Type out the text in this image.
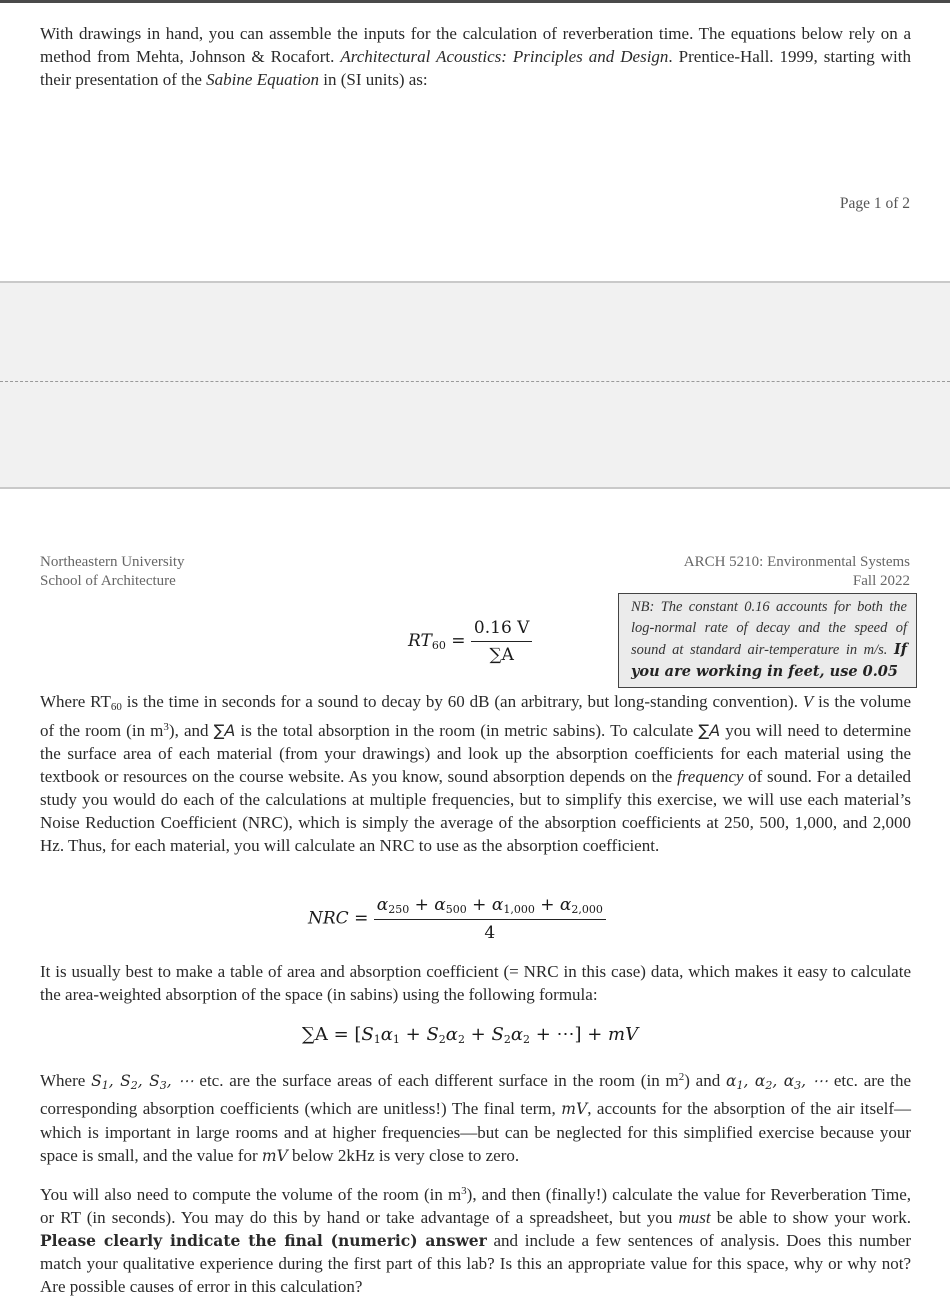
With drawings in hand, you can assemble the inputs for the calculation of reverberation time. The equations below rely on a method from Mehta, Johnson & Rocafort. Architectural Acoustics: Principles and Design. Prentice-Hall. 1999, starting with their presentation of the Sabine Equation in (SI units) as:
Page 1 of 2
Northeastern University
School of Architecture
ARCH 5210: Environmental Systems
Fall 2022
NB: The constant 0.16 accounts for both the log-normal rate of decay and the speed of sound at standard air-temperature in m/s. If you are working in feet, use 0.05
$RT_{60} = \frac{0.16 V}{\sum A}$
Where $RT_{60}$ is the time in seconds for a sound to decay by 60 dB (an arbitrary, but long-standing convention). V is the volume of the room (in $m^3$), and ∑A is the total absorption in the room (in metric sabins). To calculate ∑A you will need to determine the surface area of each material (from your drawings) and look up the absorption coefficients for each material using the textbook or resources on the course website. As you know, sound absorption depends on the frequency of sound. For a detailed study you would do each of the calculations at multiple frequencies, but to simplify this exercise, we will use each material’s Noise Reduction Coefficient (NRC), which is simply the average of the absorption coefficients at 250, 500, 1,000, and 2,000 Hz. Thus, for each material, you will calculate an NRC to use as the absorption coefficient.
NRC = $\frac{\alpha_{250} + \alpha_{500} + \alpha_{1,000} + \alpha_{2,000}}{4}$
It is usually best to make a table of area and absorption coefficient (= NRC in this case) data, which makes it easy to calculate the area-weighted absorption of the space (in sabins) using the following formula:
$\sum A = [S_1\alpha_1 + S_2\alpha_2 + S_2\alpha_2$ + ⋯] + mV
Where $S_1$, $S_2$, $S_3$, ⋯ etc. are the surface areas of each different surface in the room (in $m^2$) and $\alpha_1$, $\alpha_2$, $\alpha_3$, ⋯ etc. are the corresponding absorption coefficients (which are unitless!) The final term, mV, accounts for the absorption of the air itself—which is important in large rooms and at higher frequencies—but can be neglected for this simplified exercise because your space is small, and the value for mV below 2kHz is very close to zero.
You will also need to compute the volume of the room (in $m^3$), and then (finally!) calculate the value for Reverberation Time, or RT (in seconds). You may do this by hand or take advantage of a spreadsheet, but you must be able to show your work. Please clearly indicate the final (numeric) answer and include a few sentences of analysis. Does this number match your qualitative experience during the first part of this lab? Is this an appropriate value for this space, why or why not? Are possible causes of error in this calculation?
